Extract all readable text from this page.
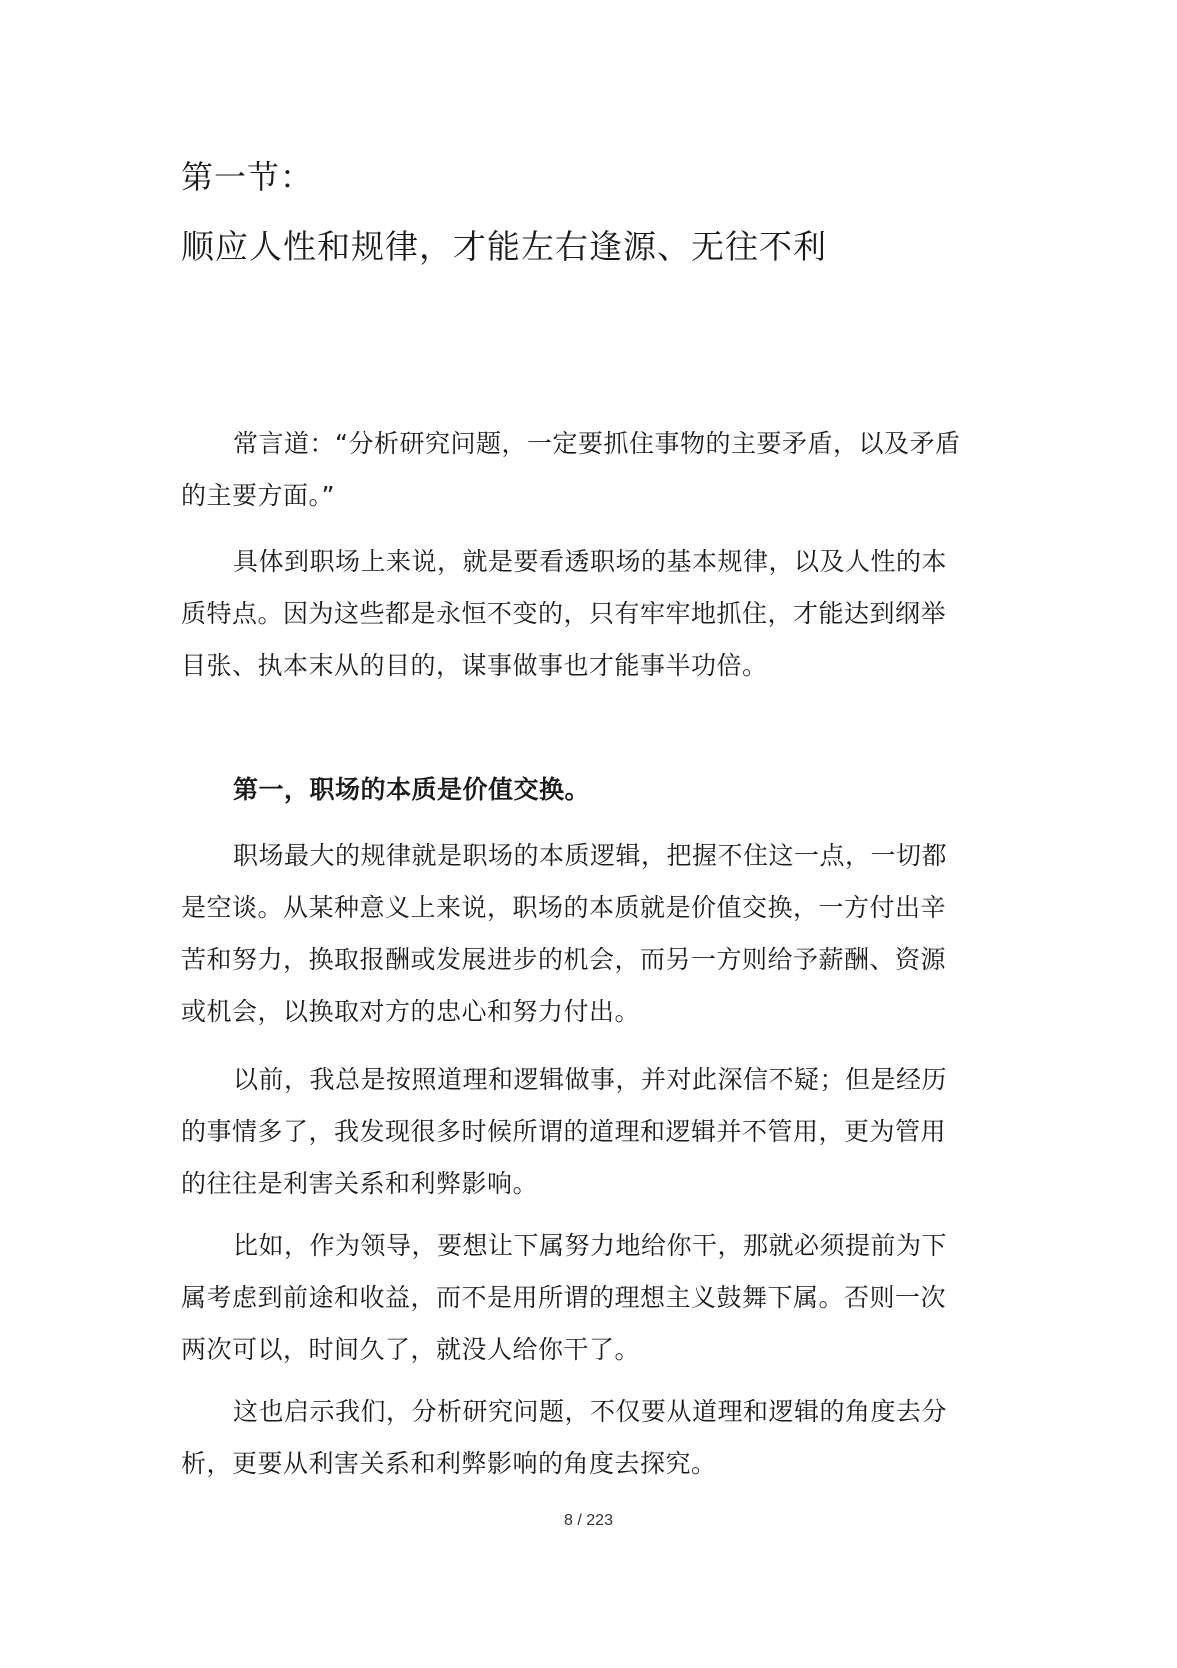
第一节：
顺应人性和规律，才能左右逢源、无往不利

常言道：“分析研究问题，一定要抓住事物的主要矛盾，以及矛盾的主要方面。”

具体到职场上来说，就是要看透职场的基本规律，以及人性的本质特点。因为这些都是永恒不变的，只有牢牢地抓住，才能达到纲举目张、执本末从的目的，谋事做事也才能事半功倍。

第一，职场的本质是价值交换。

职场最大的规律就是职场的本质逻辑，把握不住这一点，一切都是空谈。从某种意义上来说，职场的本质就是价值交换，一方付出辛苦和努力，换取报酬或发展进步的机会，而另一方则给予薪酬、资源或机会，以换取对方的忠心和努力付出。

以前，我总是按照道理和逻辑做事，并对此深信不疑；但是经历的事情多了，我发现很多时候所谓的道理和逻辑并不管用，更为管用的往往是利害关系和利弊影响。

比如，作为领导，要想让下属努力地给你干，那就必须提前为下属考虑到前途和收益，而不是用所谓的理想主义鼓舞下属。否则一次两次可以，时间久了，就没人给你干了。

这也启示我们，分析研究问题，不仅要从道理和逻辑的角度去分析，更要从利害关系和利弊影响的角度去探究。

8 / 223
